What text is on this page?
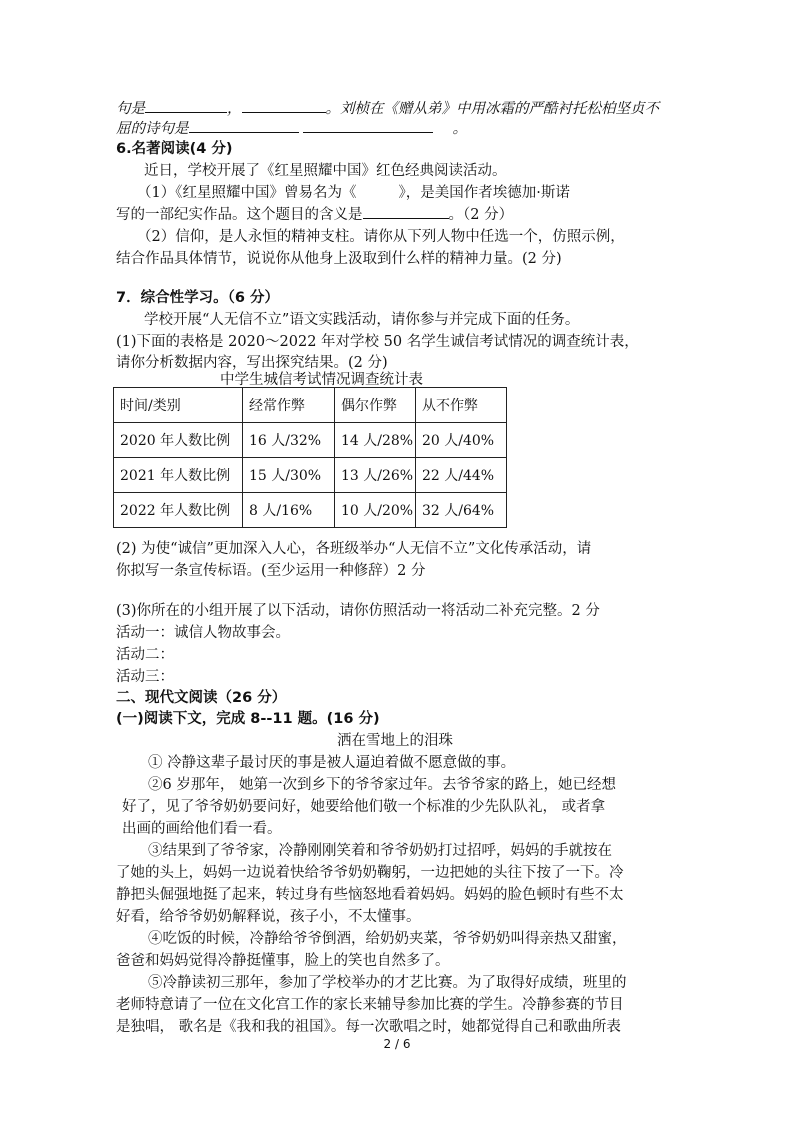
句是	，	。刘桢在《赠从弟》中用冰霜的严酷衬托松柏坚贞不
屈的诗句是	。
6.名著阅读(4 分)
近日，学校开展了《红星照耀中国》红色经典阅读活动。
（1）《红星照耀中国》曾易名为《	》，是美国作者埃德加·斯诺
写的一部纪实作品。这个题目的含义是	。（2 分）
（2）信仰，是人永恒的精神支柱。请你从下列人物中任选一个，仿照示例，
结合作品具体情节，说说你从他身上汲取到什么样的精神力量。(2 分)
7．综合性学习。（6 分）
学校开展“人无信不立”语文实践活动，请你参与并完成下面的任务。
(1)下面的表格是 2020～2022 年对学校 50 名学生诚信考试情况的调查统计表，
请你分析数据内容，写出探究结果。(2 分)
中学生城信考试情况调查统计表
时间/类别	经常作弊	偶尔作弊	从不作弊
2020 年人数比例	16 人/32%	14 人/28%	20 人/40%
2021 年人数比例	15 人/30%	13 人/26%	22 人/44%
2022 年人数比例	8 人/16%	10 人/20%	32 人/64%
(2) 为使“诚信”更加深入人心，各班级举办“人无信不立”文化传承活动，请
你拟写一条宣传标语。(至少运用一种修辞）2 分
(3)你所在的小组开展了以下活动，请你仿照活动一将活动二补充完整。2 分
活动一：诚信人物故事会。
活动二：
活动三：
二、现代文阅读（26 分）
(一)阅读下文，完成 8--11 题。(16 分)
洒在雪地上的泪珠
① 冷静这辈子最讨厌的事是被人逼迫着做不愿意做的事。
②6 岁那年， 她第一次到乡下的爷爷家过年。去爷爷家的路上，她已经想
好了，见了爷爷奶奶要问好，她要给他们敬一个标准的少先队队礼， 或者拿
出画的画给他们看一看。
③结果到了爷爷家，冷静刚刚笑着和爷爷奶奶打过招呼，妈妈的手就按在
了她的头上，妈妈一边说着快给爷爷奶奶鞠躬，一边把她的头往下按了一下。冷
静把头倔强地挺了起来，转过身有些恼怒地看着妈妈。妈妈的脸色顿时有些不太
好看，给爷爷奶奶解释说，孩子小，不太懂事。
④吃饭的时候，冷静给爷爷倒酒，给奶奶夹菜，爷爷奶奶叫得亲热又甜蜜，
爸爸和妈妈觉得冷静挺懂事，脸上的笑也自然多了。
⑤冷静读初三那年，参加了学校举办的才艺比赛。为了取得好成绩，班里的
老师特意请了一位在文化宫工作的家长来辅导参加比赛的学生。冷静参赛的节目
是独唱， 歌名是《我和我的祖国》。每一次歌唱之时，她都觉得自己和歌曲所表
2 / 6
